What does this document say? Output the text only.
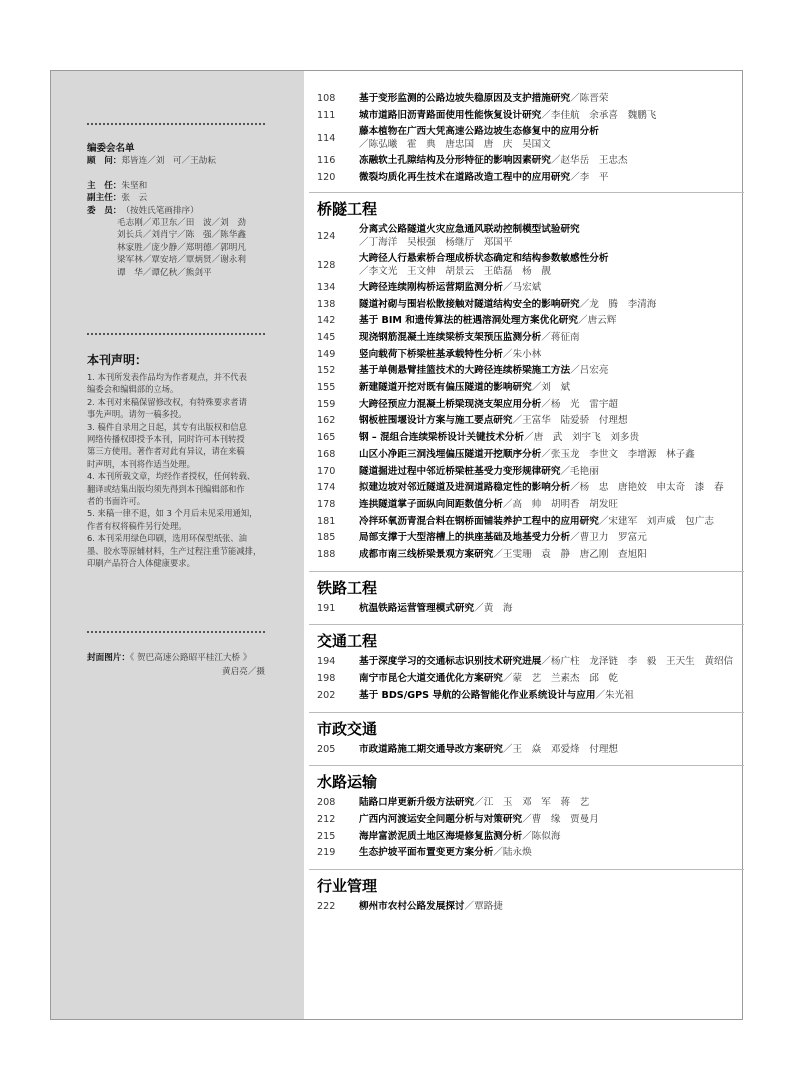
编委会名单
顾　问： 郑皆连／刘　可／王劼耘
主　任： 朱坚和
副主任： 张　云
委　员： （按姓氏笔画排序）
毛志刚／邓卫东／田　波／刘　劲
刘长兵／刘肖宁／陈　强／陈华鑫
林家胜／庞少静／郑明德／郭明凡
梁军林／覃安培／覃炳贤／谢永利
谭　华／谭亿秋／熊剑平
本刊声明：
1. 本刊所发表作品均为作者观点，并不代表
编委会和编辑部的立场。
2. 本刊对来稿保留修改权，有特殊要求者请
事先声明。请勿一稿多投。
3. 稿件自录用之日起，其专有出版权和信息
网络传播权即授予本刊，同时许可本刊转授
第三方使用。著作者对此有异议，请在来稿
时声明，本刊将作适当处理。
4. 本刊所载文章，均经作者授权，任何转载、
翻译或结集出版均须先得到本刊编辑部和作
者的书面许可。
5. 来稿一律不退，如 3 个月后未见采用通知，
作者有权将稿件另行处理。
6. 本刊采用绿色印刷，选用环保型纸张、油
墨、胶水等原辅材料，生产过程注重节能减排，
印刷产品符合人体健康要求。
封面图片：《 贺巴高速公路昭平桂江大桥 》
黄启亮／摄
108	基于变形监测的公路边坡失稳原因及支护措施研究／陈晋荣
111	城市道路旧沥青路面使用性能恢复设计研究／李佳航　余承喜　魏鹏飞
114
藤本植物在广西大凭高速公路边坡生态修复中的应用分析
／陈弘曦　霍　典　唐忠国　唐　庆　吴国文
116	冻融软土孔隙结构及分形特征的影响因素研究／赵华岳　王忠杰
120	微裂均质化再生技术在道路改造工程中的应用研究／李　平
桥隧工程
124
分离式公路隧道火灾应急通风联动控制模型试验研究
／丁海洋　吴根强　杨继厅　郑国平
128
大跨径人行悬索桥合理成桥状态确定和结构参数敏感性分析
／李文光　王文伸　胡景云　王皓磊　杨　靓
134	大跨径连续刚构桥运营期监测分析／马宏斌
138	隧道衬砌与围岩松散接触对隧道结构安全的影响研究／龙　腾　李清海
142	基于 BIM 和遗传算法的桩遇溶洞处理方案优化研究／唐云辉
145	现浇钢筋混凝土连续梁桥支架预压监测分析／蒋征南
149	竖向载荷下桥梁桩基承载特性分析／朱小林
152	基于单侧悬臂挂篮技术的大跨径连续桥梁施工方法／吕宏亮
155	新建隧道开挖对既有偏压隧道的影响研究／刘　斌
159	大跨径预应力混凝土桥梁现浇支架应用分析／杨　光　雷宇超
162	钢板桩围堰设计方案与施工要点研究／王富华　陆爱骄　付理想
165	钢 – 混组合连续梁桥设计关键技术分析／唐　武　刘宇飞　刘多贵
168	山区小净距三洞浅埋偏压隧道开挖顺序分析／张玉龙　李世文　李增源　林子鑫
170	隧道掘进过程中邻近桥梁桩基受力变形规律研究／毛艳丽
174	拟建边坡对邻近隧道及进洞道路稳定性的影响分析／杨　忠　唐艳姣　申太奇　漆　春
178	连拱隧道掌子面纵向间距数值分析／高　帅　胡明香　胡发旺
181	冷拌环氧沥青混合料在钢桥面铺装养护工程中的应用研究／宋建军　刘声威　包广志
185	局部支撑于大型溶槽上的拱座基础及地基受力分析／曹卫力　罗富元
188	成都市南三线桥梁景观方案研究／王雯珊　袁　静　唐乙刚　查旭阳
铁路工程
191	杭温铁路运营管理模式研究／黄　海
交通工程
194	基于深度学习的交通标志识别技术研究进展／杨广柱　龙泽链　李　毅　王天生　黄绍信
198	南宁市昆仑大道交通优化方案研究／蒙　艺　兰素杰　邱　乾
202	基于 BDS/GPS 导航的公路智能化作业系统设计与应用／朱光祖
市政交通
205	市政道路施工期交通导改方案研究／王　焱　邓爱烽　付理想
水路运输
208	陆路口岸更新升级方法研究／江　玉　邓　军　蒋　艺
212	广西内河渡运安全问题分析与对策研究／曹　缘　贾曼月
215	海岸富淤泥质土地区海堤修复监测分析／陈似海
219	生态护坡平面布置变更方案分析／陆永焕
行业管理
222	柳州市农村公路发展探讨／覃路捷
